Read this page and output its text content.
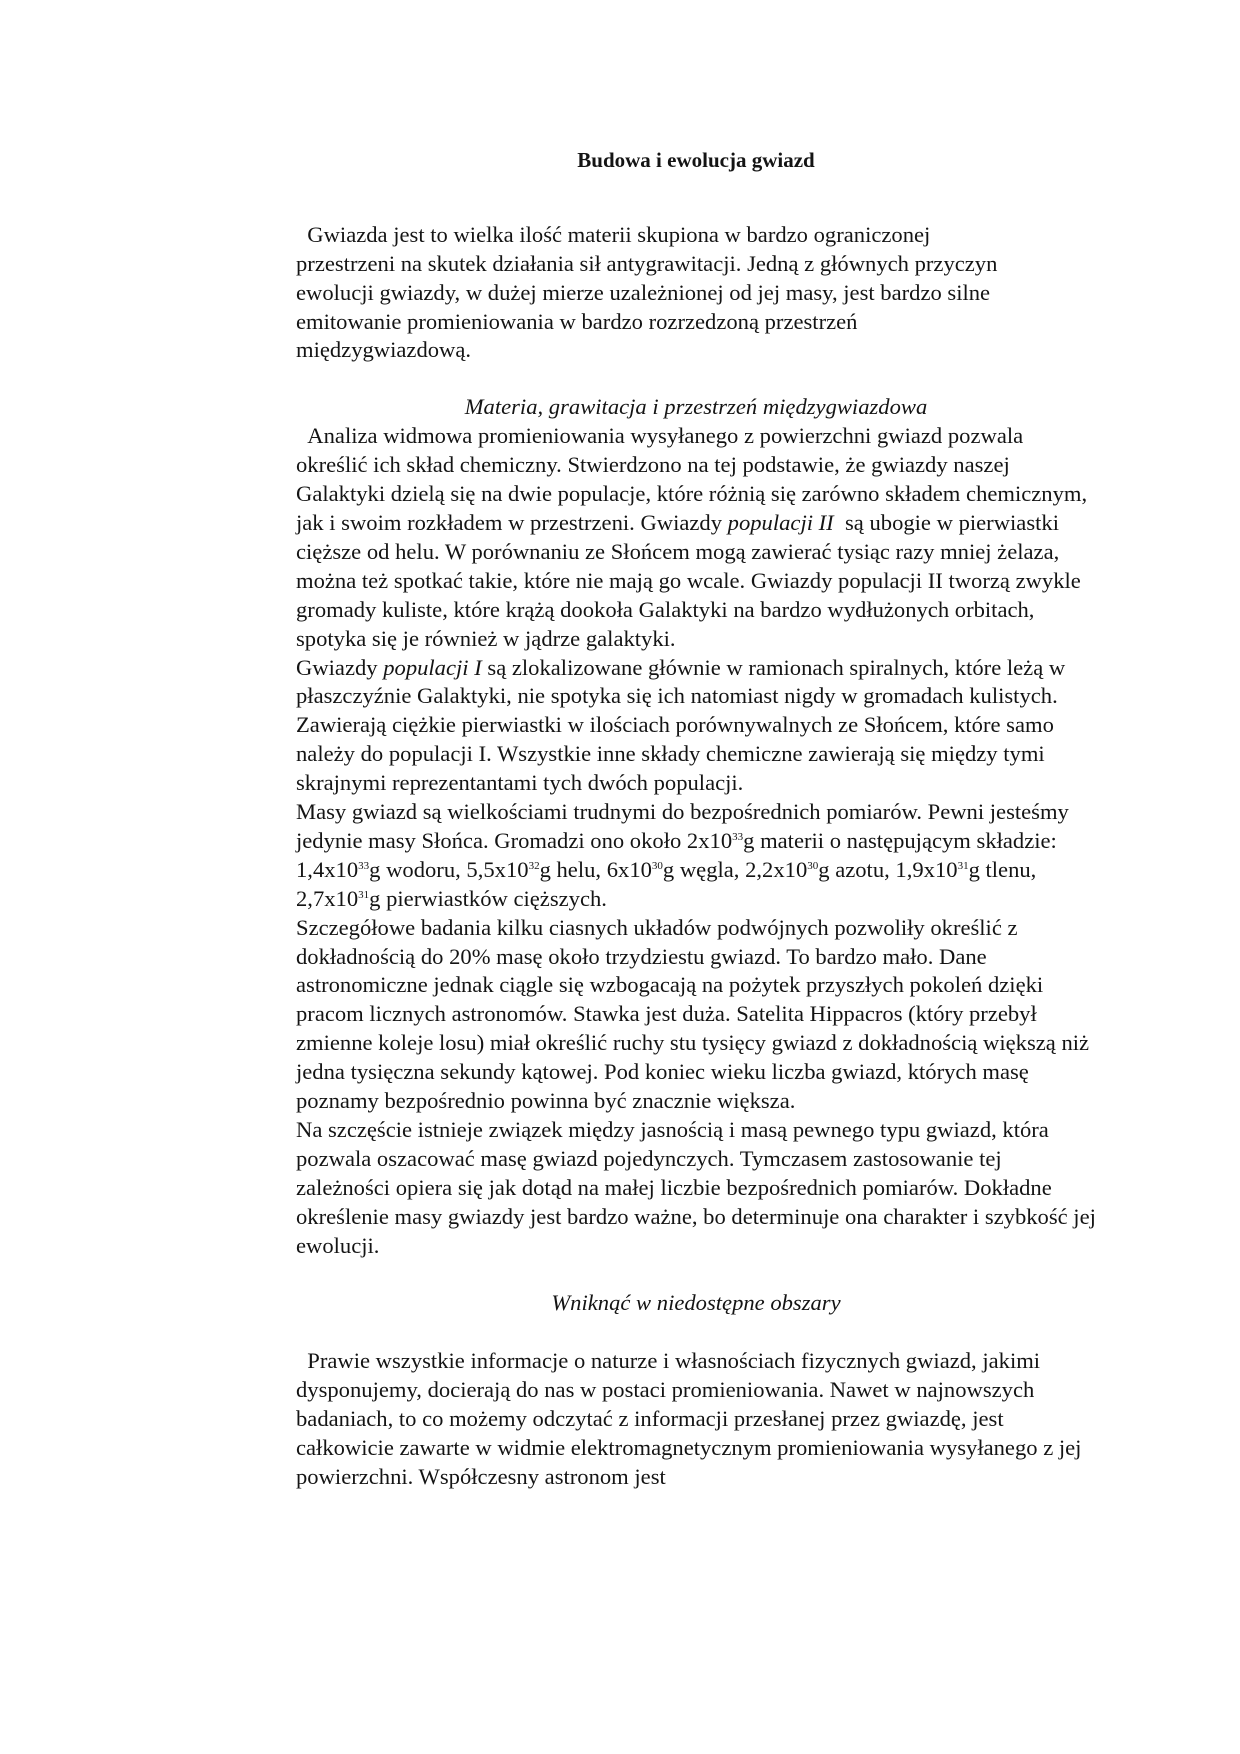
Budowa i ewolucja gwiazd

Gwiazda jest to wielka ilość materii skupiona w bardzo ograniczonej
przestrzeni na skutek działania sił antygrawitacji. Jedną z głównych przyczyn
ewolucji gwiazdy, w dużej mierze uzależnionej od jej masy, jest bardzo silne
emitowanie promieniowania w bardzo rozrzedzoną przestrzeń
międzygwiazdową.

Materia, grawitacja i przestrzeń międzygwiazdowa

Analiza widmowa promieniowania wysyłanego z powierzchni gwiazd pozwala określić ich skład chemiczny. Stwierdzono na tej podstawie, że gwiazdy naszej Galaktyki dzielą się na dwie populacje, które różnią się zarówno składem chemicznym, jak i swoim rozkładem w przestrzeni. Gwiazdy populacji II  są ubogie w pierwiastki cięższe od helu. W porównaniu ze Słońcem mogą zawierać tysiąc razy mniej żelaza, można też spotkać takie, które nie mają go wcale. Gwiazdy populacji II tworzą zwykle gromady kuliste, które krążą dookoła Galaktyki na bardzo wydłużonych orbitach, spotyka się je również w jądrze galaktyki.

Gwiazdy populacji I są zlokalizowane głównie w ramionach spiralnych, które leżą w płaszczyźnie Galaktyki, nie spotyka się ich natomiast nigdy w gromadach kulistych. Zawierają ciężkie pierwiastki w ilościach porównywalnych ze Słońcem, które samo należy do populacji I. Wszystkie inne składy chemiczne zawierają się między tymi skrajnymi reprezentantami tych dwóch populacji.

Masy gwiazd są wielkościami trudnymi do bezpośrednich pomiarów. Pewni jesteśmy jedynie masy Słońca. Gromadzi ono około $2x10^{33}g$ materii o następującym składzie:

$1,4x10^{33}g$ wodoru, $5,5x10^{32}g$ helu, $6x10^{30}g$ węgla, $2,2x10^{30}g$ azotu, $1,9x10^{31}g$ tlenu, $2,7x10^{31}g$ pierwiastków cięższych.

Szczegółowe badania kilku ciasnych układów podwójnych pozwoliły określić z dokładnością do 20% masę około trzydziestu gwiazd. To bardzo mało. Dane astronomiczne jednak ciągle się wzbogacają na pożytek przyszłych pokoleń dzięki pracom licznych astronomów. Stawka jest duża. Satelita Hippacros (który przebył zmienne koleje losu) miał określić ruchy stu tysięcy gwiazd z dokładnością większą niż jedna tysięczna sekundy kątowej. Pod koniec wieku liczba gwiazd, których masę poznamy bezpośrednio powinna być znacznie większa.

Na szczęście istnieje związek między jasnością i masą pewnego typu gwiazd, która pozwala oszacować masę gwiazd pojedynczych. Tymczasem zastosowanie tej zależności opiera się jak dotąd na małej liczbie bezpośrednich pomiarów. Dokładne określenie masy gwiazdy jest bardzo ważne, bo determinuje ona charakter i szybkość jej ewolucji.

Wniknąć w niedostępne obszary

Prawie wszystkie informacje o naturze i własnościach fizycznych gwiazd, jakimi dysponujemy, docierają do nas w postaci promieniowania. Nawet w najnowszych badaniach, to co możemy odczytać z informacji przesłanej przez gwiazdę, jest całkowicie zawarte w widmie elektromagnetycznym promieniowania wysyłanego z jej powierzchni. Współczesny astronom jest
